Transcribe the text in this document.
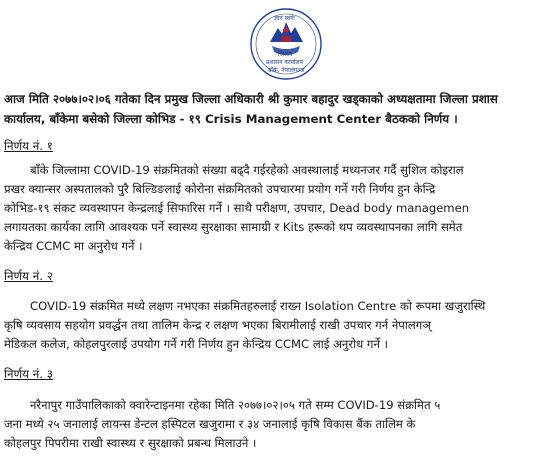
ज्ञानं स्वर्गः
जिल्ला
प्रशासन कार्यालय
बाँके, नेपालगञ्ज
आज मिति २०७७।०२।०६ गतेका दिन प्रमुख जिल्ला अधिकारी श्री कुमार बहादुर खड्काको अध्यक्षतामा जिल्ला प्रशास
कार्यालय, बाँकेमा बसेको जिल्ला कोभिड - १९ Crisis Management Center बैठकको निर्णय ।
निर्णय नं. १
बाँके जिल्लामा COVID-19 संक्रमितको संख्या बढ्दै गईरहेको अवस्थालाई मध्यनजर गर्दै सुशिल कोइराल
प्रखर क्यान्सर अस्पतालको पुरै बिल्डिङलाई कोरोना संक्रमितको उपचारमा प्रयोग गर्ने गरी निर्णय हुन केन्द्रि
कोभिड-१९ संकट व्यवस्थापन केन्द्रलाई सिफारिस गर्ने । साथै परीक्षण, उपचार, Dead body managemen
लगायतका कार्यका लागि आवश्यक पर्ने स्वास्थ्य सुरक्षाका सामाग्री र Kits हरूको थप व्यवस्थापनका लागि समेत
केन्द्रिय CCMC मा अनुरोध गर्ने ।
निर्णय नं. २
COVID-19 संक्रमित मध्ये लक्षण नभएका संक्रमितहरुलाई राख्न Isolation Centre को रूपमा खजुरास्थि
कृषि व्यवसाय सहयोग प्रवर्द्धन तथा तालिम केन्द्र र लक्षण भएका बिरामीलाई राखी उपचार गर्न नेपालगञ्
मेडिकल कलेज, कोहलपुरलाई उपयोग गर्ने गरी निर्णय हुन केन्द्रिय CCMC लाई अनुरोध गर्ने ।
निर्णय नं. ३
नरैनापुर गाउँपालिकाको क्वारेन्टाइनमा रहेका मिति २०७७।०२।०५ गते सम्म COVID-19 संक्रमित ५
जना मध्ये २५ जनालाई लायन्स डेन्टल हस्पिटल खजुरामा र ३४ जनालाई कृषि विकास बैंक तालिम के
कोहलपुर पिपरीमा राखी स्वास्थ्य र सुरक्षाको प्रबन्ध मिलाउने ।
